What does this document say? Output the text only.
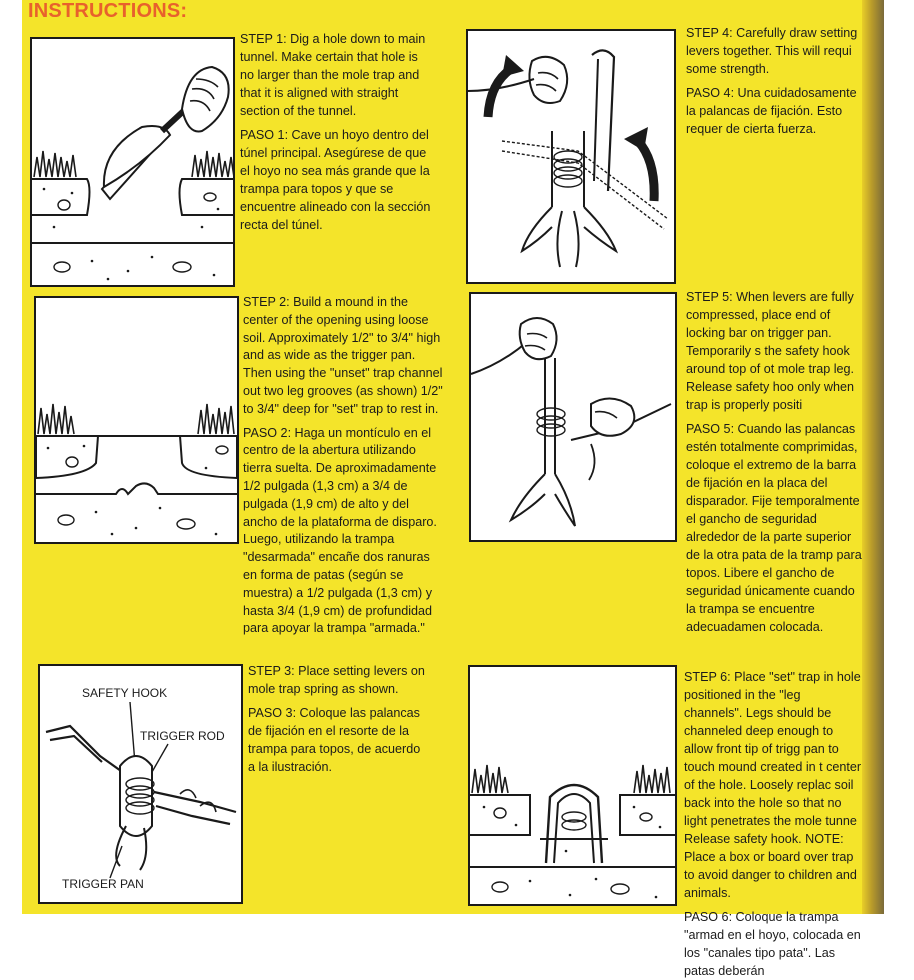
INSTRUCTIONS:
SAFETY HOOK
TRIGGER ROD
TRIGGER PAN

STEP 1: Dig a hole down to main tunnel. Make certain that hole is no larger than the mole trap and that it is aligned with straight section of the tunnel.

PASO 1: Cave un hoyo dentro del túnel principal. Asegúrese de que el hoyo no sea más grande que la trampa para topos y que se encuentre alineado con la sección recta del túnel.

STEP 2: Build a mound in the center of the opening using loose soil. Approximately 1/2" to 3/4" high and as wide as the trigger pan. Then using the "unset" trap channel out two leg grooves (as shown) 1/2" to 3/4" deep for "set" trap to rest in.

PASO 2: Haga un montículo en el centro de la abertura utilizando tierra suelta. De aproximadamente 1/2 pulgada (1,3 cm) a 3/4 de pulgada (1,9 cm) de alto y del ancho de la plataforma de disparo. Luego, utilizando la trampa "desarmada" encañe dos ranuras en forma de patas (según se muestra) a 1/2 pulgada (1,3 cm) y hasta 3/4 (1,9 cm) de profundidad para apoyar la trampa "armada."

STEP 3: Place setting levers on mole trap spring as shown.

PASO 3: Coloque las palancas de fijación en el resorte de la trampa para topos, de acuerdo a la ilustración.

STEP 4: Carefully draw setting levers together. This will requi some strength.

PASO 4: Una cuidadosamente la palancas de fijación. Esto requer de cierta fuerza.

STEP 5: When levers are fully compressed, place end of locking bar on trigger pan. Temporarily s the safety hook around top of ot mole trap leg. Release safety hoo only when trap is properly positi

PASO 5: Cuando las palancas estén totalmente comprimidas, coloque el extremo de la barra de fijación en la placa del disparador. Fije temporalmente el gancho de seguridad alrededor de la parte superior de la otra pata de la tramp para topos. Libere el gancho de seguridad únicamente cuando la trampa se encuentre adecuadamen colocada.

STEP 6: Place "set" trap in hole positioned in the "leg channels". Legs should be channeled deep enough to allow front tip of trigg pan to touch mound created in t center of the hole. Loosely replac soil back into the hole so that no light penetrates the mole tunne Release safety hook. NOTE: Place a box or board over trap to avoid danger to children and animals.

PASO 6: Coloque la trampa "armad en el hoyo, colocada en los "canales tipo pata". Las patas deberán
